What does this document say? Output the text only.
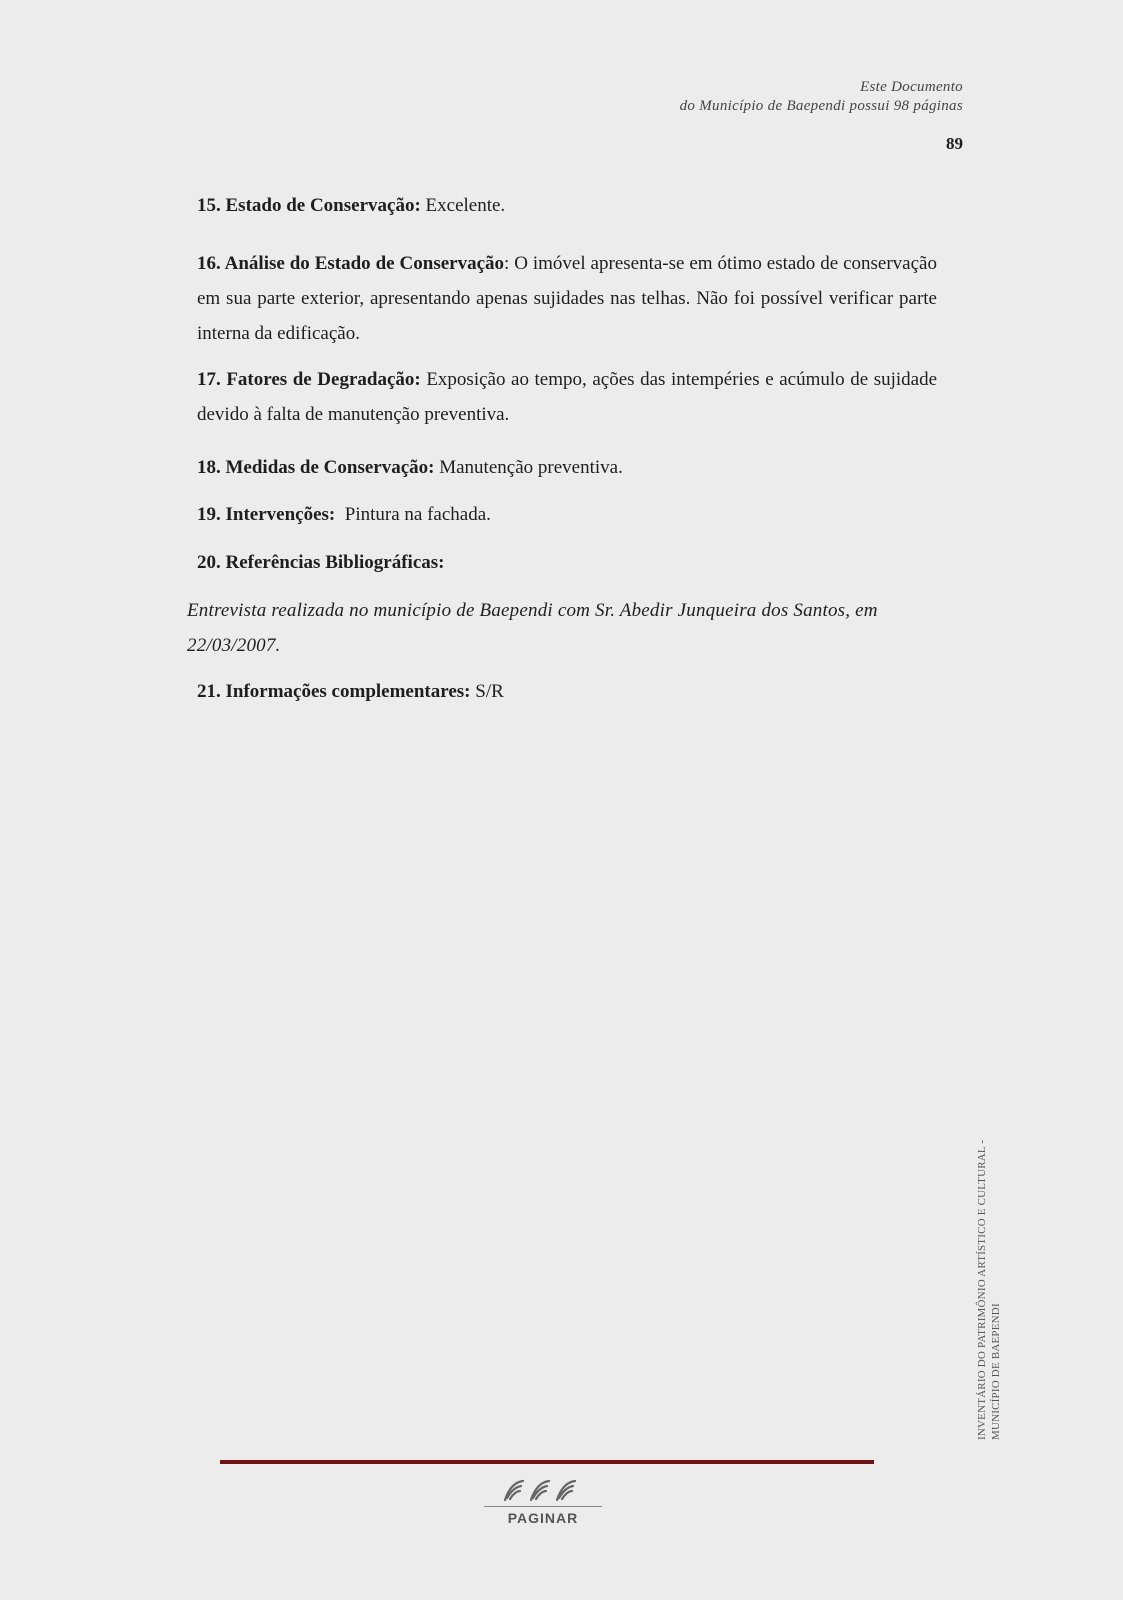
Este Documento
do Município de Baependi possui 98 páginas
89
15. Estado de Conservação: Excelente.
16. Análise do Estado de Conservação: O imóvel apresenta-se em ótimo estado de conservação em sua parte exterior, apresentando apenas sujidades nas telhas. Não foi possível verificar parte interna da edificação.
17. Fatores de Degradação: Exposição ao tempo, ações das intempéries e acúmulo de sujidade devido à falta de manutenção preventiva.
18. Medidas de Conservação: Manutenção preventiva.
19. Intervenções: Pintura na fachada.
20. Referências Bibliográficas:
Entrevista realizada no município de Baependi com Sr. Abedir Junqueira dos Santos, em 22/03/2007.
21. Informações complementares: S/R
INVENTÁRIO DO PATRIMÔNIO ARTÍSTICO E CULTURAL - MUNICÍPIO DE BAEPENDI
PAGINAR
